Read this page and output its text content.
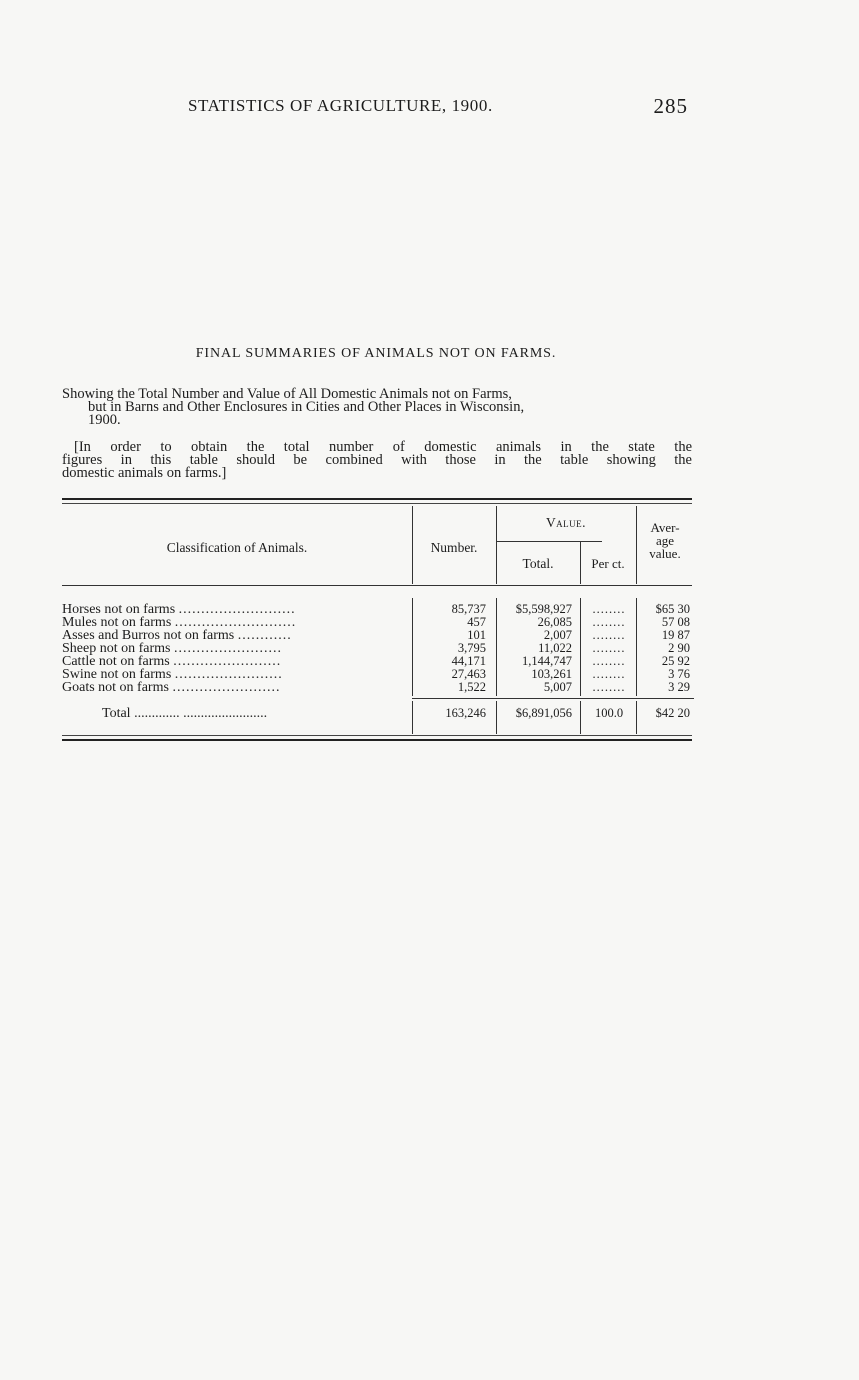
STATISTICS OF AGRICULTURE, 1900.	285
FINAL SUMMARIES OF ANIMALS NOT ON FARMS.
Showing the Total Number and Value of All Domestic Animals not on Farms,
but in Barns and Other Enclosures in Cities and Other Places in Wisconsin,
1900.
[In order to obtain the total number of domestic animals in the state the
figures in this table should be combined with those in the table showing the
domestic animals on farms.]
Classification of Animals.	Number.
Value.
Total.	Per ct.
Aver-
age
value.
Horses not on farms ..........................	85,737	$5,598,927	........	$65 30
Mules not on farms ...........................	457	26,085	........	57 08
Asses and Burros not on farms ............	101	2,007	........	19 87
Sheep not on farms ........................	3,795	11,022	........	2 90
Cattle not on farms ........................	44,171	1,144,747	........	25 92
Swine not on farms ........................	27,463	103,261	........	3 76
Goats not on farms ........................	1,522	5,007	........	3 29
Total ............. ........................	163,246	$6,891,056	100.0	$42 20
